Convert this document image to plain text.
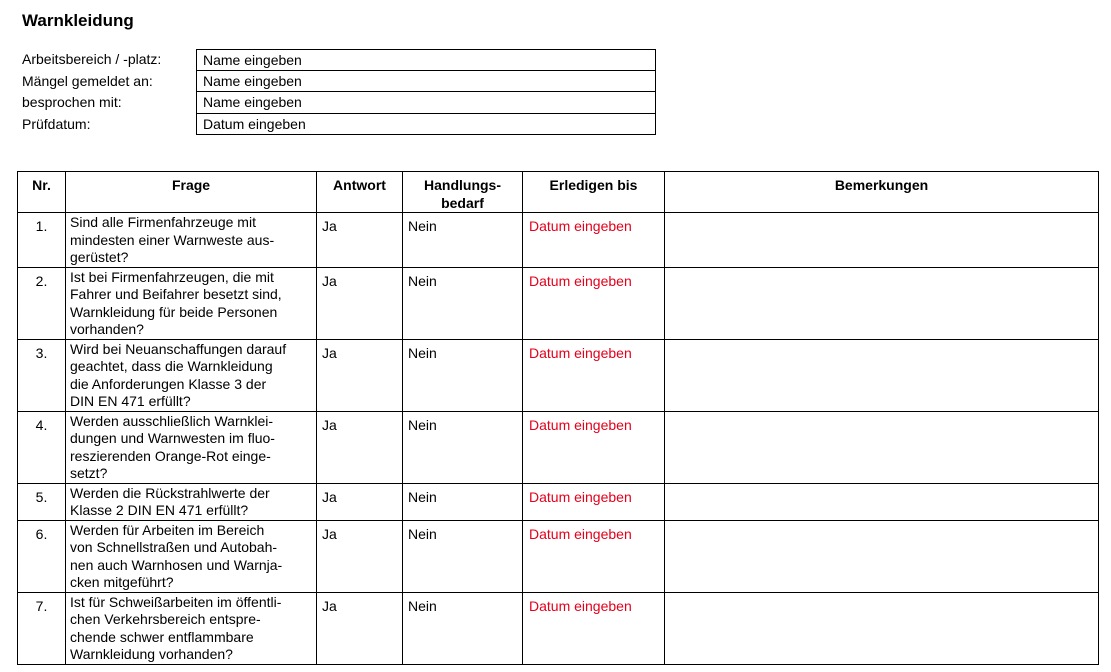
Warnkleidung
Arbeitsbereich / -platz:	Name eingeben
Mängel gemeldet an:	Name eingeben
besprochen mit:	Name eingeben
Prüfdatum:	Datum eingeben
Nr.	Frage	Antwort	Handlungs-
bedarf	Erledigen bis	Bemerkungen
1.	Sind alle Firmenfahrzeuge mit
mindesten einer Warnweste aus-
gerüstet?	Ja	Nein	Datum eingeben	
2.	Ist bei Firmenfahrzeugen, die mit
Fahrer und Beifahrer besetzt sind,
Warnkleidung für beide Personen
vorhanden?	Ja	Nein	Datum eingeben	
3.	Wird bei Neuanschaffungen darauf
geachtet, dass die Warnkleidung
die Anforderungen Klasse 3 der
DIN EN 471 erfüllt?	Ja	Nein	Datum eingeben	
4.	Werden ausschließlich Warnklei-
dungen und Warnwesten im fluo-
reszierenden Orange-Rot einge-
setzt?	Ja	Nein	Datum eingeben	
5.	Werden die Rückstrahlwerte der
Klasse 2 DIN EN 471 erfüllt?	Ja	Nein	Datum eingeben	
6.	Werden für Arbeiten im Bereich
von Schnellstraßen und Autobah-
nen auch Warnhosen und Warnja-
cken mitgeführt?	Ja	Nein	Datum eingeben	
7.	Ist für Schweißarbeiten im öffentli-
chen Verkehrsbereich entspre-
chende schwer entflammbare
Warnkleidung vorhanden?	Ja	Nein	Datum eingeben	
